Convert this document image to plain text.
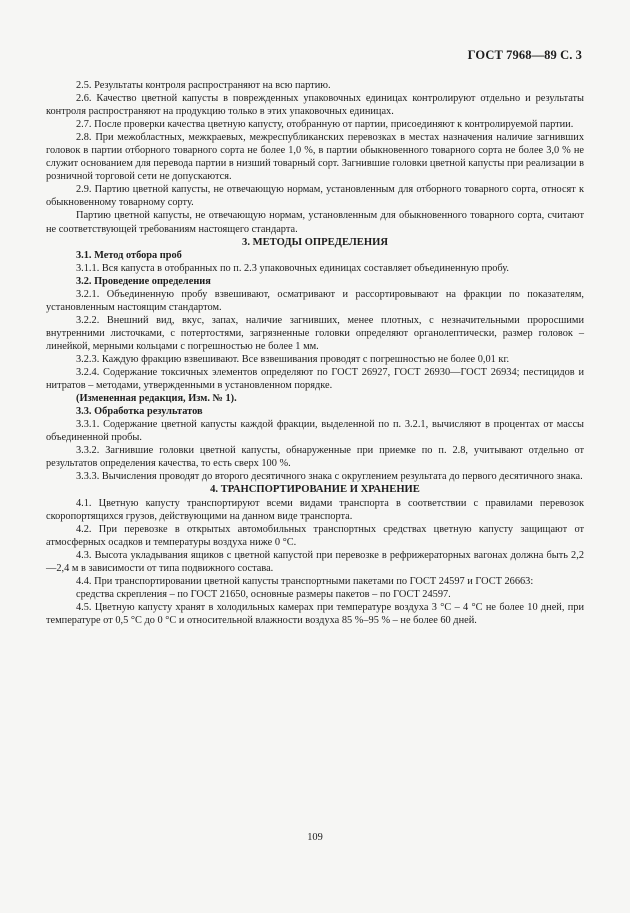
ГОСТ 7968—89 С. 3

2.5. Результаты контроля распространяют на всю партию.

2.6. Качество цветной капусты в поврежденных упаковочных единицах контролируют отдельно и результаты контроля распространяют на продукцию только в этих упаковочных единицах.

2.7. После проверки качества цветную капусту, отобранную от партии, присоединяют к контролируемой партии.

2.8. При межобластных, межкраевых, межреспубликанских перевозках в местах назначения наличие загнивших головок в партии отборного товарного сорта не более 1,0 %, в партии обыкновенного товарного сорта не более 3,0 % не служит основанием для перевода партии в низший товарный сорт. Загнившие головки цветной капусты при реализации в розничной торговой сети не допускаются.

2.9. Партию цветной капусты, не отвечающую нормам, установленным для отборного товарного сорта, относят к обыкновенному товарному сорту.

Партию цветной капусты, не отвечающую нормам, установленным для обыкновенного товарного сорта, считают не соответствующей требованиям настоящего стандарта.

3. МЕТОДЫ ОПРЕДЕЛЕНИЯ

3.1. Метод отбора проб

3.1.1. Вся капуста в отобранных по п. 2.3 упаковочных единицах составляет объединенную пробу.

3.2. Проведение определения

3.2.1. Объединенную пробу взвешивают, осматривают и рассортировывают на фракции по показателям, установленным настоящим стандартом.

3.2.2. Внешний вид, вкус, запах, наличие загнивших, менее плотных, с незначительными проросшими внутренними листочками, с потертостями, загрязненные головки определяют органолептически, размер головок – линейкой, мерными кольцами с погрешностью не более 1 мм.

3.2.3. Каждую фракцию взвешивают. Все взвешивания проводят с погрешностью не более 0,01 кг.

3.2.4. Содержание токсичных элементов определяют по ГОСТ 26927, ГОСТ 26930—ГОСТ 26934; пестицидов и нитратов – методами, утвержденными в установленном порядке.

(Измененная редакция, Изм. № 1).

3.3. Обработка результатов

3.3.1. Содержание цветной капусты каждой фракции, выделенной по п. 3.2.1, вычисляют в процентах от массы объединенной пробы.

3.3.2. Загнившие головки цветной капусты, обнаруженные при приемке по п. 2.8, учитывают отдельно от результатов определения качества, то есть сверх 100 %.

3.3.3. Вычисления проводят до второго десятичного знака с округлением результата до первого десятичного знака.

4. ТРАНСПОРТИРОВАНИЕ И ХРАНЕНИЕ

4.1. Цветную капусту транспортируют всеми видами транспорта в соответствии с правилами перевозок скоропортящихся грузов, действующими на данном виде транспорта.

4.2. При перевозке в открытых автомобильных транспортных средствах цветную капусту защищают от атмосферных осадков и температуры воздуха ниже 0 °С.

4.3. Высота укладывания ящиков с цветной капустой при перевозке в рефрижераторных вагонах должна быть 2,2—2,4 м в зависимости от типа подвижного состава.

4.4. При транспортировании цветной капусты транспортными пакетами по ГОСТ 24597 и ГОСТ 26663:

средства скрепления – по ГОСТ 21650, основные размеры пакетов – по ГОСТ 24597.

4.5. Цветную капусту хранят в холодильных камерах при температуре воздуха 3 °С – 4 °С не более 10 дней, при температуре от 0,5 °С до 0 °С и относительной влажности воздуха 85 %–95 % – не более 60 дней.

109
